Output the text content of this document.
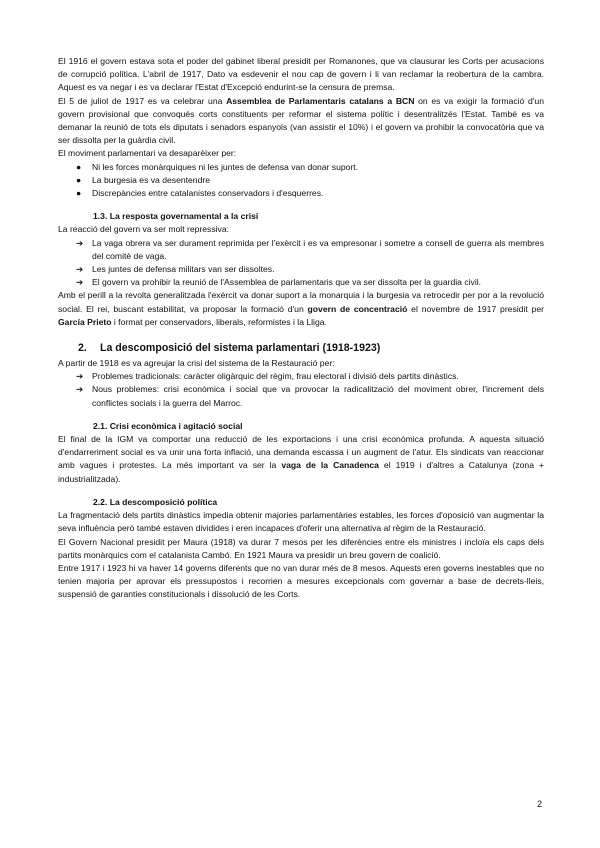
El 1916 el govern estava sota el poder del gabinet liberal presidit per Romanones, que va clausurar les Corts per acusacions de corrupció política. L'abril de 1917, Dato va esdevenir el nou cap de govern i li van reclamar la reobertura de la cambra. Aquest es va negar i es va declarar l'Estat d'Excepció endurint-se la censura de premsa.

El 5 de juliol de 1917 es va celebrar una Assemblea de Parlamentaris catalans a BCN on es va exigir la formació d'un govern provisional que convoqués corts constituents per reformar el sistema polític i desentralitzés l'Estat. També es va demanar la reunió de tots els diputats i senadors espanyols (van assistir el 10%) i el govern va prohibir la convocatòria que va ser dissolta per la guàrdia civil.

El moviment parlamentari va desaparèixer per:

● Ni les forces monàrquiques ni les juntes de defensa van donar suport.
● La burgesia es va desentendre
● Discrepàncies entre catalanistes conservadors i d'esquerres.

1.3. La resposta governamental a la crisi

La reacció del govern va ser molt repressiva:

➔ La vaga obrera va ser durament reprimida per l'exèrcit i es va empresonar i sometre a consell de guerra als membres del comitè de vaga.
➔ Les juntes de defensa militars van ser dissoltes.
➔ El govern va prohibir la reunió de l'Assemblea de parlamentaris que va ser dissolta per la guardia civil.

Amb el perill a la revolta generalitzada l'exèrcit va donar suport a la monarquia i la burgesia va retrocedir per por a la revolució social. El rei, buscant estabilitat, va proposar la formació d'un govern de concentració el novembre de 1917 presidit per García Prieto i format per conservadors, liberals, reformistes i la Lliga.

2. La descomposició del sistema parlamentari (1918-1923)

A partir de 1918 es va agreujar la crisi del sistema de la Restauració per:

➔ Problemes tradicionals: caràcter oligàrquic del règim, frau electoral i divisió dels partits dinàstics.
➔ Nous problemes: crisi econòmica i social que va provocar la radicalització del moviment obrer, l'increment dels conflictes socials i la guerra del Marroc.

2.1. Crisi econòmica i agitació social

El final de la IGM va comportar una reducció de les exportacions i una crisi econòmica profunda. A aquesta situació d'endarreriment social es va unir una forta inflació, una demanda escassa i un augment de l'atur. Els sindicats van reaccionar amb vagues i protestes. La més important va ser la vaga de la Canadenca el 1919 i d'altres a Catalunya (zona + industrialitzada).

2.2. La descomposició política

La fragmentació dels partits dinàstics impedia obtenir majories parlamentàries estables, les forces d'oposició van augmentar la seva influència però també estaven dividides i eren incapaces d'oferir una alternativa al règim de la Restauració.

El Govern Nacional presidit per Maura (1918) va durar 7 mesos per les diferències entre els ministres i incloïa els caps dels partits monàrquics com el catalanista Cambó. En 1921 Maura va presidir un breu govern de coalició.

Entre 1917 i 1923 hi va haver 14 governs diferents que no van durar més de 8 mesos. Aquests eren governs inestables que no tenien majoria per aprovar els pressupostos i recorrien a mesures excepcionals com governar a base de decrets-lleis, suspensió de garanties constitucionals i dissolució de les Corts.

2
